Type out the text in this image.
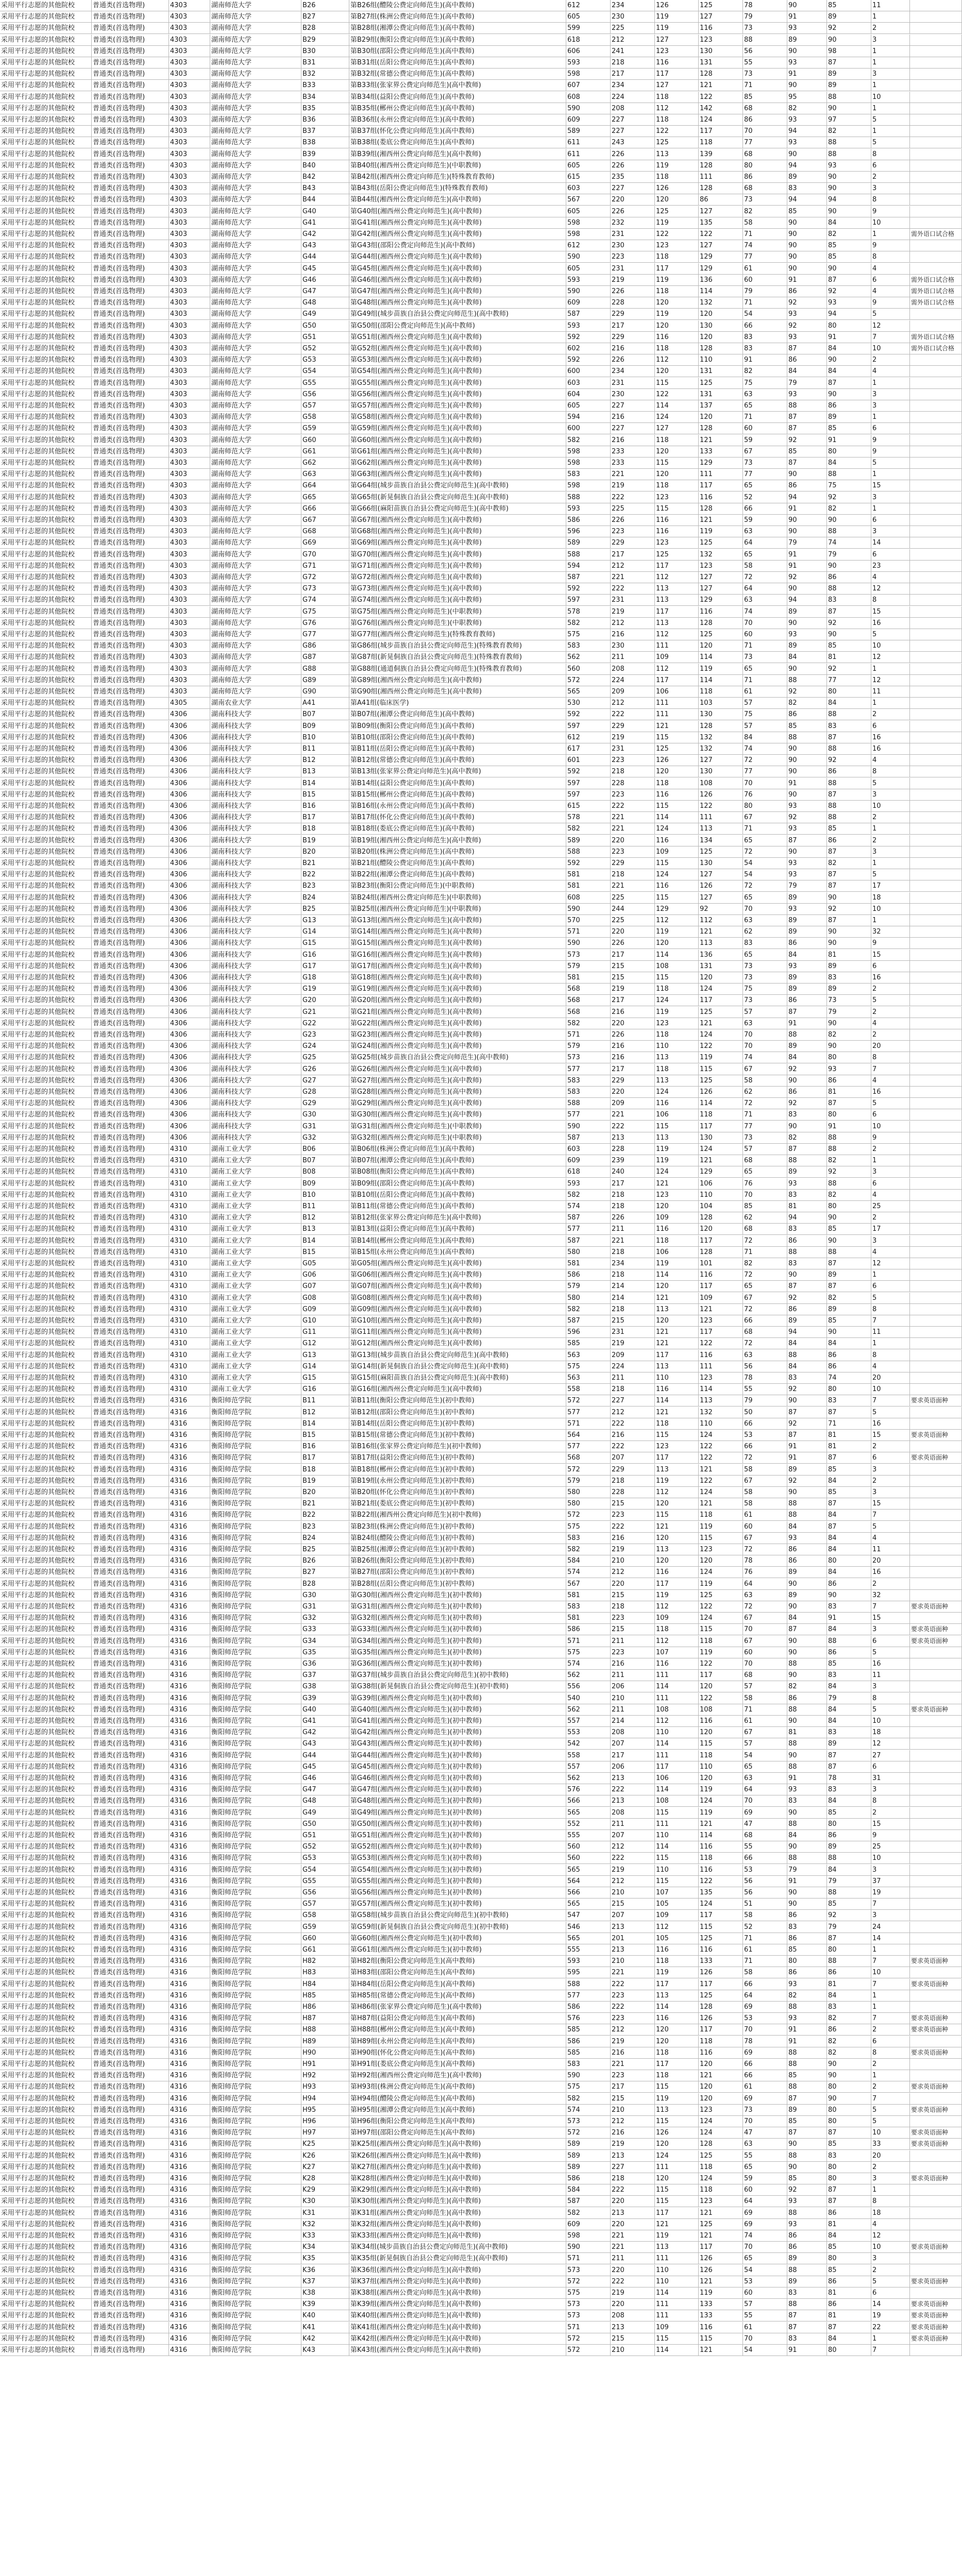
采用平行志愿的其他院校	普通类(首选物理)	4303	湖南师范大学	B26	第B26组(醴陵公费定向师范生)(高中教师)	612	234	126	125	78	90	85	11
采用平行志愿的其他院校	普通类(首选物理)	4303	湖南师范大学	B27	第B27组(株洲公费定向师范生)(高中教师)	605	230	119	127	79	91	89	1
采用平行志愿的其他院校	普通类(首选物理)	4303	湖南师范大学	B28	第B28组(湘潭公费定向师范生)(高中教师)	599	225	119	116	73	93	92	2
采用平行志愿的其他院校	普通类(首选物理)	4303	湖南师范大学	B29	第B29组(衡阳公费定向师范生)(高中教师)	618	212	127	123	88	89	90	3
采用平行志愿的其他院校	普通类(首选物理)	4303	湖南师范大学	B30	第B30组(邵阳公费定向师范生)(高中教师)	606	241	123	130	56	90	98	1
采用平行志愿的其他院校	普通类(首选物理)	4303	湖南师范大学	B31	第B31组(岳阳公费定向师范生)(高中教师)	593	218	116	131	55	93	87	1
采用平行志愿的其他院校	普通类(首选物理)	4303	湖南师范大学	B32	第B32组(常德公费定向师范生)(高中教师)	598	217	117	128	73	91	89	3
采用平行志愿的其他院校	普通类(首选物理)	4303	湖南师范大学	B33	第B33组(张家界公费定向师范生)(高中教师)	607	234	127	121	71	90	89	1
采用平行志愿的其他院校	普通类(首选物理)	4303	湖南师范大学	B34	第B34组(益阳公费定向师范生)(高中教师)	608	224	118	122	85	95	88	10
采用平行志愿的其他院校	普通类(首选物理)	4303	湖南师范大学	B35	第B35组(郴州公费定向师范生)(高中教师)	590	208	112	142	68	82	90	1
采用平行志愿的其他院校	普通类(首选物理)	4303	湖南师范大学	B36	第B36组(永州公费定向师范生)(高中教师)	609	227	118	124	86	93	97	5
采用平行志愿的其他院校	普通类(首选物理)	4303	湖南师范大学	B37	第B37组(怀化公费定向师范生)(高中教师)	589	227	122	117	70	94	82	1
采用平行志愿的其他院校	普通类(首选物理)	4303	湖南师范大学	B38	第B38组(娄底公费定向师范生)(高中教师)	611	243	125	118	77	93	88	5
采用平行志愿的其他院校	普通类(首选物理)	4303	湖南师范大学	B39	第B39组(湘西州公费定向师范生)(高中教师)	611	226	113	139	68	90	88	8
采用平行志愿的其他院校	普通类(首选物理)	4303	湖南师范大学	B40	第B40组(湘西州公费定向师范生)(中职教师)	605	226	119	128	80	94	93	6
采用平行志愿的其他院校	普通类(首选物理)	4303	湖南师范大学	B42	第B42组(湘西州公费定向师范生)(特殊教育教师)	615	235	118	111	86	89	90	2
采用平行志愿的其他院校	普通类(首选物理)	4303	湖南师范大学	B43	第B43组(岳阳公费定向师范生)(特殊教育教师)	603	227	126	128	68	83	90	3
采用平行志愿的其他院校	普通类(首选物理)	4303	湖南师范大学	B44	第B44组(湘西州公费定向师范生)(高中教师)	567	220	120	86	73	94	94	8
采用平行志愿的其他院校	普通类(首选物理)	4303	湖南师范大学	G40	第G40组(湘西州公费定向师范生)(高中教师)	605	226	125	127	82	85	90	9
采用平行志愿的其他院校	普通类(首选物理)	4303	湖南师范大学	G41	第G41组(湘西州公费定向师范生)(高中教师)	598	232	119	135	58	90	84	10
采用平行志愿的其他院校	普通类(首选物理)	4303	湖南师范大学	G42	第G42组(湘西州公费定向师范生)(高中教师)	598	231	122	122	71	90	82	1	需外语口试合格
采用平行志愿的其他院校	普通类(首选物理)	4303	湖南师范大学	G43	第G43组(邵阳公费定向师范生)(高中教师)	612	230	123	127	74	90	85	9
采用平行志愿的其他院校	普通类(首选物理)	4303	湖南师范大学	G44	第G44组(湘西州公费定向师范生)(高中教师)	590	223	118	129	77	90	85	8
采用平行志愿的其他院校	普通类(首选物理)	4303	湖南师范大学	G45	第G45组(湘西州公费定向师范生)(高中教师)	605	231	117	129	61	90	90	4
采用平行志愿的其他院校	普通类(首选物理)	4303	湖南师范大学	G46	第G46组(湘西州公费定向师范生)(高中教师)	593	219	119	136	60	91	87	6	需外语口试合格
采用平行志愿的其他院校	普通类(首选物理)	4303	湖南师范大学	G47	第G47组(湘西州公费定向师范生)(高中教师)	590	226	118	114	79	86	92	4	需外语口试合格
采用平行志愿的其他院校	普通类(首选物理)	4303	湖南师范大学	G48	第G48组(湘西州公费定向师范生)(高中教师)	609	228	120	132	71	92	93	9	需外语口试合格
采用平行志愿的其他院校	普通类(首选物理)	4303	湖南师范大学	G49	第G49组(城步苗族自治县公费定向师范生)(高中教师)	587	229	119	120	54	93	94	5
采用平行志愿的其他院校	普通类(首选物理)	4303	湖南师范大学	G50	第G50组(邵阳公费定向师范生)(高中教师)	593	217	120	130	66	92	80	12
采用平行志愿的其他院校	普通类(首选物理)	4303	湖南师范大学	G51	第G51组(湘西州公费定向师范生)(高中教师)	592	229	116	120	83	93	91	7	需外语口试合格
采用平行志愿的其他院校	普通类(首选物理)	4303	湖南师范大学	G52	第G52组(湘西州公费定向师范生)(高中教师)	602	216	118	128	83	87	84	10	需外语口试合格
采用平行志愿的其他院校	普通类(首选物理)	4303	湖南师范大学	G53	第G53组(湘西州公费定向师范生)(高中教师)	592	226	112	110	91	86	90	2
采用平行志愿的其他院校	普通类(首选物理)	4303	湖南师范大学	G54	第G54组(湘西州公费定向师范生)(高中教师)	600	234	120	131	82	84	84	4
采用平行志愿的其他院校	普通类(首选物理)	4303	湖南师范大学	G55	第G55组(湘西州公费定向师范生)(高中教师)	603	231	115	125	75	79	87	1
采用平行志愿的其他院校	普通类(首选物理)	4303	湖南师范大学	G56	第G56组(湘西州公费定向师范生)(高中教师)	604	230	122	131	63	93	90	3
采用平行志愿的其他院校	普通类(首选物理)	4303	湖南师范大学	G57	第G57组(湘西州公费定向师范生)(高中教师)	605	227	114	137	65	88	86	3
采用平行志愿的其他院校	普通类(首选物理)	4303	湖南师范大学	G58	第G58组(湘西州公费定向师范生)(高中教师)	594	216	124	120	71	87	89	1
采用平行志愿的其他院校	普通类(首选物理)	4303	湖南师范大学	G59	第G59组(湘西州公费定向师范生)(高中教师)	600	227	127	128	60	87	85	6
采用平行志愿的其他院校	普通类(首选物理)	4303	湖南师范大学	G60	第G60组(湘西州公费定向师范生)(高中教师)	582	216	118	121	59	92	91	9
采用平行志愿的其他院校	普通类(首选物理)	4303	湖南师范大学	G61	第G61组(湘西州公费定向师范生)(高中教师)	598	233	120	133	67	85	80	9
采用平行志愿的其他院校	普通类(首选物理)	4303	湖南师范大学	G62	第G62组(湘西州公费定向师范生)(高中教师)	598	233	115	129	73	87	84	5
采用平行志愿的其他院校	普通类(首选物理)	4303	湖南师范大学	G63	第G63组(湘西州公费定向师范生)(高中教师)	583	221	120	111	77	90	88	1
采用平行志愿的其他院校	普通类(首选物理)	4303	湖南师范大学	G64	第G64组(城步苗族自治县公费定向师范生)(高中教师)	598	219	118	117	65	86	75	15
采用平行志愿的其他院校	普通类(首选物理)	4303	湖南师范大学	G65	第G65组(新晃侗族自治县公费定向师范生)(高中教师)	588	222	123	116	52	94	92	3
采用平行志愿的其他院校	普通类(首选物理)	4303	湖南师范大学	G66	第G66组(麻阳苗族自治县公费定向师范生)(高中教师)	593	225	115	128	66	91	82	1
采用平行志愿的其他院校	普通类(首选物理)	4303	湖南师范大学	G67	第G67组(湘西州公费定向师范生)(高中教师)	586	226	116	121	59	90	90	6
采用平行志愿的其他院校	普通类(首选物理)	4303	湖南师范大学	G68	第G68组(湘西州公费定向师范生)(高中教师)	596	223	116	119	63	90	88	3
采用平行志愿的其他院校	普通类(首选物理)	4303	湖南师范大学	G69	第G69组(湘西州公费定向师范生)(高中教师)	589	229	123	125	64	79	74	14
采用平行志愿的其他院校	普通类(首选物理)	4303	湖南师范大学	G70	第G70组(湘西州公费定向师范生)(高中教师)	588	217	125	132	65	91	79	6
采用平行志愿的其他院校	普通类(首选物理)	4303	湖南师范大学	G71	第G71组(湘西州公费定向师范生)(高中教师)	594	212	117	123	58	91	90	23
采用平行志愿的其他院校	普通类(首选物理)	4303	湖南师范大学	G72	第G72组(湘西州公费定向师范生)(高中教师)	587	221	112	127	72	92	86	4
采用平行志愿的其他院校	普通类(首选物理)	4303	湖南师范大学	G73	第G73组(湘西州公费定向师范生)(高中教师)	592	222	113	127	64	90	88	12
采用平行志愿的其他院校	普通类(首选物理)	4303	湖南师范大学	G74	第G74组(湘西州公费定向师范生)(高中教师)	597	231	113	129	63	94	83	8
采用平行志愿的其他院校	普通类(首选物理)	4303	湖南师范大学	G75	第G75组(湘西州公费定向师范生)(中职教师)	578	219	117	116	74	89	87	15
采用平行志愿的其他院校	普通类(首选物理)	4303	湖南师范大学	G76	第G76组(湘西州公费定向师范生)(中职教师)	582	212	113	128	70	90	92	16
采用平行志愿的其他院校	普通类(首选物理)	4303	湖南师范大学	G77	第G77组(湘西州公费定向师范生)(特殊教育教师)	575	216	112	125	60	93	90	5
采用平行志愿的其他院校	普通类(首选物理)	4303	湖南师范大学	G86	第G86组(城步苗族自治县公费定向师范生)(特殊教育教师)	583	230	111	120	71	89	85	10
采用平行志愿的其他院校	普通类(首选物理)	4303	湖南师范大学	G87	第G87组(新晃侗族自治县公费定向师范生)(特殊教育教师)	562	211	109	114	73	84	81	12
采用平行志愿的其他院校	普通类(首选物理)	4303	湖南师范大学	G88	第G88组(通道侗族自治县公费定向师范生)(特殊教育教师)	560	208	112	119	65	90	92	1
采用平行志愿的其他院校	普通类(首选物理)	4303	湖南师范大学	G89	第G89组(湘西州公费定向师范生)(高中教师)	572	224	117	114	71	88	77	12
采用平行志愿的其他院校	普通类(首选物理)	4303	湖南师范大学	G90	第G90组(湘西州公费定向师范生)(高中教师)	565	209	106	118	61	92	80	11
采用平行志愿的其他院校	普通类(首选物理)	4305	湖南农业大学	A41	第A41组(临床医学)	530	212	111	103	57	82	84	1
采用平行志愿的其他院校	普通类(首选物理)	4306	湖南科技大学	B07	第B07组(湘潭公费定向师范生)(高中教师)	592	222	111	130	75	86	88	2
采用平行志愿的其他院校	普通类(首选物理)	4306	湖南科技大学	B09	第B09组(衡阳公费定向师范生)(高中教师)	597	229	121	128	57	85	83	6
采用平行志愿的其他院校	普通类(首选物理)	4306	湖南科技大学	B10	第B10组(邵阳公费定向师范生)(高中教师)	612	219	115	132	84	88	87	16
采用平行志愿的其他院校	普通类(首选物理)	4306	湖南科技大学	B11	第B11组(岳阳公费定向师范生)(高中教师)	617	231	125	132	74	90	88	16
采用平行志愿的其他院校	普通类(首选物理)	4306	湖南科技大学	B12	第B12组(常德公费定向师范生)(高中教师)	601	223	126	127	72	90	92	4
采用平行志愿的其他院校	普通类(首选物理)	4306	湖南科技大学	B13	第B13组(张家界公费定向师范生)(高中教师)	592	218	120	130	77	90	86	8
采用平行志愿的其他院校	普通类(首选物理)	4306	湖南科技大学	B14	第B14组(益阳公费定向师范生)(高中教师)	597	228	118	108	70	91	88	5
采用平行志愿的其他院校	普通类(首选物理)	4306	湖南科技大学	B15	第B15组(郴州公费定向师范生)(高中教师)	597	223	116	126	76	90	87	3
采用平行志愿的其他院校	普通类(首选物理)	4306	湖南科技大学	B16	第B16组(永州公费定向师范生)(高中教师)	615	222	115	122	80	93	88	10
采用平行志愿的其他院校	普通类(首选物理)	4306	湖南科技大学	B17	第B17组(怀化公费定向师范生)(高中教师)	578	221	114	111	67	92	88	2
采用平行志愿的其他院校	普通类(首选物理)	4306	湖南科技大学	B18	第B18组(娄底公费定向师范生)(高中教师)	582	221	124	113	71	93	85	1
采用平行志愿的其他院校	普通类(首选物理)	4306	湖南科技大学	B19	第B19组(湘西州公费定向师范生)(高中教师)	589	220	116	134	65	87	86	2
采用平行志愿的其他院校	普通类(首选物理)	4306	湖南科技大学	B20	第B20组(株洲公费定向师范生)(高中教师)	588	223	109	125	72	90	87	3
采用平行志愿的其他院校	普通类(首选物理)	4306	湖南科技大学	B21	第B21组(醴陵公费定向师范生)(高中教师)	592	229	115	130	54	93	82	1
采用平行志愿的其他院校	普通类(首选物理)	4306	湖南科技大学	B22	第B22组(湘潭公费定向师范生)(高中教师)	581	218	124	127	54	93	87	5
采用平行志愿的其他院校	普通类(首选物理)	4306	湖南科技大学	B23	第B23组(衡阳公费定向师范生)(中职教师)	581	221	116	126	72	79	87	17
采用平行志愿的其他院校	普通类(首选物理)	4306	湖南科技大学	B24	第B24组(湘西州公费定向师范生)(中职教师)	608	225	115	127	65	89	90	18
采用平行志愿的其他院校	普通类(首选物理)	4306	湖南科技大学	B25	第B25组(湘西州公费定向师范生)(中职教师)	590	244	129	92	70	93	92	10
采用平行志愿的其他院校	普通类(首选物理)	4306	湖南科技大学	G13	第G13组(湘西州公费定向师范生)(高中教师)	570	225	112	112	63	89	87	1
采用平行志愿的其他院校	普通类(首选物理)	4306	湖南科技大学	G14	第G14组(湘西州公费定向师范生)(高中教师)	571	220	119	121	62	89	90	32
采用平行志愿的其他院校	普通类(首选物理)	4306	湖南科技大学	G15	第G15组(湘西州公费定向师范生)(高中教师)	590	226	120	113	83	86	90	9
采用平行志愿的其他院校	普通类(首选物理)	4306	湖南科技大学	G16	第G16组(湘西州公费定向师范生)(高中教师)	573	217	114	136	65	84	81	15
采用平行志愿的其他院校	普通类(首选物理)	4306	湖南科技大学	G17	第G17组(湘西州公费定向师范生)(高中教师)	579	215	108	131	73	93	89	6
采用平行志愿的其他院校	普通类(首选物理)	4306	湖南科技大学	G18	第G18组(湘西州公费定向师范生)(高中教师)	581	215	115	120	73	89	83	16
采用平行志愿的其他院校	普通类(首选物理)	4306	湖南科技大学	G19	第G19组(湘西州公费定向师范生)(高中教师)	568	219	118	124	75	89	89	2
采用平行志愿的其他院校	普通类(首选物理)	4306	湖南科技大学	G20	第G20组(湘西州公费定向师范生)(高中教师)	568	217	124	117	73	86	73	5
采用平行志愿的其他院校	普通类(首选物理)	4306	湖南科技大学	G21	第G21组(湘西州公费定向师范生)(高中教师)	568	216	119	125	57	87	79	2
采用平行志愿的其他院校	普通类(首选物理)	4306	湖南科技大学	G22	第G22组(湘西州公费定向师范生)(高中教师)	582	220	123	121	63	91	90	4
采用平行志愿的其他院校	普通类(首选物理)	4306	湖南科技大学	G23	第G23组(湘西州公费定向师范生)(高中教师)	571	226	118	124	70	88	82	2
采用平行志愿的其他院校	普通类(首选物理)	4306	湖南科技大学	G24	第G24组(湘西州公费定向师范生)(高中教师)	579	216	110	122	70	89	90	20
采用平行志愿的其他院校	普通类(首选物理)	4306	湖南科技大学	G25	第G25组(城步苗族自治县公费定向师范生)(高中教师)	573	216	113	119	74	84	80	8
采用平行志愿的其他院校	普通类(首选物理)	4306	湖南科技大学	G26	第G26组(湘西州公费定向师范生)(高中教师)	577	217	118	115	67	92	93	7
采用平行志愿的其他院校	普通类(首选物理)	4306	湖南科技大学	G27	第G27组(湘西州公费定向师范生)(高中教师)	583	229	113	125	58	90	86	4
采用平行志愿的其他院校	普通类(首选物理)	4306	湖南科技大学	G28	第G28组(湘西州公费定向师范生)(高中教师)	583	220	124	126	62	86	81	16
采用平行志愿的其他院校	普通类(首选物理)	4306	湖南科技大学	G29	第G29组(湘西州公费定向师范生)(高中教师)	588	209	116	114	72	92	87	5
采用平行志愿的其他院校	普通类(首选物理)	4306	湖南科技大学	G30	第G30组(湘西州公费定向师范生)(高中教师)	577	221	106	118	71	83	80	6
采用平行志愿的其他院校	普通类(首选物理)	4306	湖南科技大学	G31	第G31组(湘西州公费定向师范生)(中职教师)	590	222	115	117	77	90	91	10
采用平行志愿的其他院校	普通类(首选物理)	4306	湖南科技大学	G32	第G32组(湘西州公费定向师范生)(中职教师)	587	213	113	130	73	82	88	9
采用平行志愿的其他院校	普通类(首选物理)	4310	湖南工业大学	B06	第B06组(株洲公费定向师范生)(高中教师)	603	228	119	124	57	87	88	2
采用平行志愿的其他院校	普通类(首选物理)	4310	湖南工业大学	B07	第B07组(湘潭公费定向师范生)(高中教师)	609	239	119	121	68	88	82	1
采用平行志愿的其他院校	普通类(首选物理)	4310	湖南工业大学	B08	第B08组(衡阳公费定向师范生)(高中教师)	618	240	124	129	65	89	92	3
采用平行志愿的其他院校	普通类(首选物理)	4310	湖南工业大学	B09	第B09组(邵阳公费定向师范生)(高中教师)	593	217	121	106	76	93	88	6
采用平行志愿的其他院校	普通类(首选物理)	4310	湖南工业大学	B10	第B10组(岳阳公费定向师范生)(高中教师)	582	218	123	110	70	83	82	4
采用平行志愿的其他院校	普通类(首选物理)	4310	湖南工业大学	B11	第B11组(常德公费定向师范生)(高中教师)	574	218	120	104	85	81	80	25
采用平行志愿的其他院校	普通类(首选物理)	4310	湖南工业大学	B12	第B12组(张家界公费定向师范生)(高中教师)	587	226	109	128	62	94	90	2
采用平行志愿的其他院校	普通类(首选物理)	4310	湖南工业大学	B13	第B13组(益阳公费定向师范生)(高中教师)	577	211	116	120	68	83	85	17
采用平行志愿的其他院校	普通类(首选物理)	4310	湖南工业大学	B14	第B14组(郴州公费定向师范生)(高中教师)	587	221	118	117	72	86	90	3
采用平行志愿的其他院校	普通类(首选物理)	4310	湖南工业大学	B15	第B15组(永州公费定向师范生)(高中教师)	580	218	106	128	71	88	88	4
采用平行志愿的其他院校	普通类(首选物理)	4310	湖南工业大学	G05	第G05组(湘西州公费定向师范生)(高中教师)	581	234	119	101	82	83	87	12
采用平行志愿的其他院校	普通类(首选物理)	4310	湖南工业大学	G06	第G06组(湘西州公费定向师范生)(高中教师)	586	218	114	116	72	90	89	1
采用平行志愿的其他院校	普通类(首选物理)	4310	湖南工业大学	G07	第G07组(湘西州公费定向师范生)(高中教师)	579	214	120	117	65	87	87	6
采用平行志愿的其他院校	普通类(首选物理)	4310	湖南工业大学	G08	第G08组(湘西州公费定向师范生)(高中教师)	580	214	121	109	67	92	82	5
采用平行志愿的其他院校	普通类(首选物理)	4310	湖南工业大学	G09	第G09组(湘西州公费定向师范生)(高中教师)	582	218	113	121	72	86	89	8
采用平行志愿的其他院校	普通类(首选物理)	4310	湖南工业大学	G10	第G10组(湘西州公费定向师范生)(高中教师)	587	215	120	123	66	89	85	7
采用平行志愿的其他院校	普通类(首选物理)	4310	湖南工业大学	G11	第G11组(湘西州公费定向师范生)(高中教师)	596	231	121	117	68	94	90	11
采用平行志愿的其他院校	普通类(首选物理)	4310	湖南工业大学	G12	第G12组(湘西州公费定向师范生)(高中教师)	585	219	121	122	72	84	84	1
采用平行志愿的其他院校	普通类(首选物理)	4310	湖南工业大学	G13	第G13组(城步苗族自治县公费定向师范生)(高中教师)	563	209	117	116	63	88	86	8
采用平行志愿的其他院校	普通类(首选物理)	4310	湖南工业大学	G14	第G14组(新晃侗族自治县公费定向师范生)(高中教师)	575	224	113	111	56	84	86	4
采用平行志愿的其他院校	普通类(首选物理)	4310	湖南工业大学	G15	第G15组(麻阳苗族自治县公费定向师范生)(高中教师)	563	211	110	123	78	83	74	20
采用平行志愿的其他院校	普通类(首选物理)	4310	湖南工业大学	G16	第G16组(湘西州公费定向师范生)(高中教师)	558	218	116	114	55	92	80	10
采用平行志愿的其他院校	普通类(首选物理)	4316	衡阳师范学院	B11	第B11组(衡阳公费定向师范生)(初中教师)	572	227	114	113	79	90	83	7	要求英语面种
采用平行志愿的其他院校	普通类(首选物理)	4316	衡阳师范学院	B12	第B12组(邵阳公费定向师范生)(初中教师)	577	212	121	132	50	87	87	5
采用平行志愿的其他院校	普通类(首选物理)	4316	衡阳师范学院	B14	第B14组(岳阳公费定向师范生)(初中教师)	571	222	118	110	66	92	71	16
采用平行志愿的其他院校	普通类(首选物理)	4316	衡阳师范学院	B15	第B15组(常德公费定向师范生)(初中教师)	564	216	115	124	53	87	81	15	要求英语面种
采用平行志愿的其他院校	普通类(首选物理)	4316	衡阳师范学院	B16	第B16组(张家界公费定向师范生)(初中教师)	577	222	123	122	66	91	81	2
采用平行志愿的其他院校	普通类(首选物理)	4316	衡阳师范学院	B17	第B17组(益阳公费定向师范生)(初中教师)	568	207	117	122	72	91	87	6	要求英语面种
采用平行志愿的其他院校	普通类(首选物理)	4316	衡阳师范学院	B18	第B18组(郴州公费定向师范生)(初中教师)	572	229	113	121	58	89	85	3
采用平行志愿的其他院校	普通类(首选物理)	4316	衡阳师范学院	B19	第B19组(永州公费定向师范生)(初中教师)	579	218	119	122	67	92	84	2
采用平行志愿的其他院校	普通类(首选物理)	4316	衡阳师范学院	B20	第B20组(怀化公费定向师范生)(初中教师)	580	228	112	124	58	90	85	3
采用平行志愿的其他院校	普通类(首选物理)	4316	衡阳师范学院	B21	第B21组(娄底公费定向师范生)(初中教师)	580	215	120	121	58	88	87	15
采用平行志愿的其他院校	普通类(首选物理)	4316	衡阳师范学院	B22	第B22组(湘西州公费定向师范生)(初中教师)	572	223	115	118	61	88	84	7
采用平行志愿的其他院校	普通类(首选物理)	4316	衡阳师范学院	B23	第B23组(株洲公费定向师范生)(初中教师)	575	222	121	119	60	84	87	5
采用平行志愿的其他院校	普通类(首选物理)	4316	衡阳师范学院	B24	第B24组(醴陵公费定向师范生)(初中教师)	583	216	120	115	67	93	84	4
采用平行志愿的其他院校	普通类(首选物理)	4316	衡阳师范学院	B25	第B25组(湘潭公费定向师范生)(初中教师)	582	219	113	123	72	86	84	11
采用平行志愿的其他院校	普通类(首选物理)	4316	衡阳师范学院	B26	第B26组(衡阳公费定向师范生)(初中教师)	584	210	120	120	78	86	80	20
采用平行志愿的其他院校	普通类(首选物理)	4316	衡阳师范学院	B27	第B27组(邵阳公费定向师范生)(初中教师)	574	212	116	124	76	89	84	16
采用平行志愿的其他院校	普通类(首选物理)	4316	衡阳师范学院	B28	第B28组(岳阳公费定向师范生)(初中教师)	567	220	117	119	64	90	86	2
采用平行志愿的其他院校	普通类(首选物理)	4316	衡阳师范学院	G30	第G30组(湘西州公费定向师范生)(初中教师)	581	215	119	125	63	89	90	32
采用平行志愿的其他院校	普通类(首选物理)	4316	衡阳师范学院	G31	第G31组(湘西州公费定向师范生)(初中教师)	583	218	112	122	72	90	83	7	要求英语面种
采用平行志愿的其他院校	普通类(首选物理)	4316	衡阳师范学院	G32	第G32组(湘西州公费定向师范生)(初中教师)	581	223	109	124	67	84	91	15
采用平行志愿的其他院校	普通类(首选物理)	4316	衡阳师范学院	G33	第G33组(湘西州公费定向师范生)(初中教师)	586	215	118	115	70	87	84	3	要求英语面种
采用平行志愿的其他院校	普通类(首选物理)	4316	衡阳师范学院	G34	第G34组(湘西州公费定向师范生)(初中教师)	571	211	112	118	67	90	88	6	要求英语面种
采用平行志愿的其他院校	普通类(首选物理)	4316	衡阳师范学院	G35	第G35组(湘西州公费定向师范生)(初中教师)	575	223	107	119	60	90	86	5
采用平行志愿的其他院校	普通类(首选物理)	4316	衡阳师范学院	G36	第G36组(湘西州公费定向师范生)(初中教师)	574	216	116	122	70	88	85	16
采用平行志愿的其他院校	普通类(首选物理)	4316	衡阳师范学院	G37	第G37组(城步苗族自治县公费定向师范生)(初中教师)	562	211	111	117	68	90	83	11
采用平行志愿的其他院校	普通类(首选物理)	4316	衡阳师范学院	G38	第G38组(新晃侗族自治县公费定向师范生)(初中教师)	556	206	114	120	57	82	84	3
采用平行志愿的其他院校	普通类(首选物理)	4316	衡阳师范学院	G39	第G39组(湘西州公费定向师范生)(初中教师)	540	210	111	122	58	86	79	8
采用平行志愿的其他院校	普通类(首选物理)	4316	衡阳师范学院	G40	第G40组(湘西州公费定向师范生)(初中教师)	562	211	108	108	71	88	84	5	要求英语面种
采用平行志愿的其他院校	普通类(首选物理)	4316	衡阳师范学院	G41	第G41组(湘西州公费定向师范生)(初中教师)	557	214	112	116	61	90	84	10
采用平行志愿的其他院校	普通类(首选物理)	4316	衡阳师范学院	G42	第G42组(湘西州公费定向师范生)(初中教师)	553	208	110	120	67	81	83	18
采用平行志愿的其他院校	普通类(首选物理)	4316	衡阳师范学院	G43	第G43组(湘西州公费定向师范生)(初中教师)	542	207	114	115	57	88	89	12
采用平行志愿的其他院校	普通类(首选物理)	4316	衡阳师范学院	G44	第G44组(湘西州公费定向师范生)(初中教师)	558	217	111	118	54	90	87	27
采用平行志愿的其他院校	普通类(首选物理)	4316	衡阳师范学院	G45	第G45组(湘西州公费定向师范生)(初中教师)	557	206	117	110	65	88	87	6
采用平行志愿的其他院校	普通类(首选物理)	4316	衡阳师范学院	G46	第G46组(湘西州公费定向师范生)(初中教师)	562	213	106	120	63	91	78	31
采用平行志愿的其他院校	普通类(首选物理)	4316	衡阳师范学院	G47	第G47组(湘西州公费定向师范生)(初中教师)	576	222	114	119	64	93	83	3
采用平行志愿的其他院校	普通类(首选物理)	4316	衡阳师范学院	G48	第G48组(湘西州公费定向师范生)(初中教师)	566	213	108	124	70	83	84	8
采用平行志愿的其他院校	普通类(首选物理)	4316	衡阳师范学院	G49	第G49组(湘西州公费定向师范生)(初中教师)	565	208	115	119	69	90	85	2
采用平行志愿的其他院校	普通类(首选物理)	4316	衡阳师范学院	G50	第G50组(湘西州公费定向师范生)(初中教师)	552	211	111	121	47	88	80	15
采用平行志愿的其他院校	普通类(首选物理)	4316	衡阳师范学院	G51	第G51组(湘西州公费定向师范生)(初中教师)	555	207	110	114	68	84	86	9
采用平行志愿的其他院校	普通类(首选物理)	4316	衡阳师范学院	G52	第G52组(湘西州公费定向师范生)(初中教师)	560	212	114	116	55	90	89	25
采用平行志愿的其他院校	普通类(首选物理)	4316	衡阳师范学院	G53	第G53组(湘西州公费定向师范生)(初中教师)	560	222	115	118	66	88	88	10
采用平行志愿的其他院校	普通类(首选物理)	4316	衡阳师范学院	G54	第G54组(湘西州公费定向师范生)(初中教师)	565	219	110	116	53	79	84	3
采用平行志愿的其他院校	普通类(首选物理)	4316	衡阳师范学院	G55	第G55组(湘西州公费定向师范生)(初中教师)	564	212	115	122	56	91	79	37
采用平行志愿的其他院校	普通类(首选物理)	4316	衡阳师范学院	G56	第G56组(湘西州公费定向师范生)(初中教师)	566	210	107	135	56	90	88	19
采用平行志愿的其他院校	普通类(首选物理)	4316	衡阳师范学院	G57	第G57组(湘西州公费定向师范生)(初中教师)	565	215	105	124	51	90	85	7
采用平行志愿的其他院校	普通类(首选物理)	4316	衡阳师范学院	G58	第G58组(城步苗族自治县公费定向师范生)(初中教师)	547	207	109	117	58	86	92	3
采用平行志愿的其他院校	普通类(首选物理)	4316	衡阳师范学院	G59	第G59组(新晃侗族自治县公费定向师范生)(初中教师)	546	213	112	115	52	83	79	24
采用平行志愿的其他院校	普通类(首选物理)	4316	衡阳师范学院	G60	第G60组(湘西州公费定向师范生)(初中教师)	565	201	105	125	71	86	87	14
采用平行志愿的其他院校	普通类(首选物理)	4316	衡阳师范学院	G61	第G61组(湘西州公费定向师范生)(初中教师)	555	213	116	116	61	85	80	1
采用平行志愿的其他院校	普通类(首选物理)	4316	衡阳师范学院	H82	第H82组(衡阳公费定向师范生)(高中教师)	593	210	118	133	71	80	88	7	要求英语面种
采用平行志愿的其他院校	普通类(首选物理)	4316	衡阳师范学院	H83	第H83组(邵阳公费定向师范生)(高中教师)	595	221	119	126	58	86	86	10
采用平行志愿的其他院校	普通类(首选物理)	4316	衡阳师范学院	H84	第H84组(岳阳公费定向师范生)(高中教师)	588	222	117	117	66	93	81	7	要求英语面种
采用平行志愿的其他院校	普通类(首选物理)	4316	衡阳师范学院	H85	第H85组(常德公费定向师范生)(高中教师)	577	223	113	125	64	82	84	1
采用平行志愿的其他院校	普通类(首选物理)	4316	衡阳师范学院	H86	第H86组(张家界公费定向师范生)(高中教师)	586	222	114	128	69	88	83	1
采用平行志愿的其他院校	普通类(首选物理)	4316	衡阳师范学院	H87	第H87组(益阳公费定向师范生)(高中教师)	576	223	116	126	53	93	82	7	要求英语面种
采用平行志愿的其他院校	普通类(首选物理)	4316	衡阳师范学院	H88	第H88组(郴州公费定向师范生)(高中教师)	585	212	120	117	70	91	86	2	要求英语面种
采用平行志愿的其他院校	普通类(首选物理)	4316	衡阳师范学院	H89	第H89组(永州公费定向师范生)(高中教师)	586	219	120	118	78	91	82	6
采用平行志愿的其他院校	普通类(首选物理)	4316	衡阳师范学院	H90	第H90组(怀化公费定向师范生)(高中教师)	585	216	118	116	69	88	82	8	要求英语面种
采用平行志愿的其他院校	普通类(首选物理)	4316	衡阳师范学院	H91	第H91组(娄底公费定向师范生)(高中教师)	583	221	117	120	66	88	90	2
采用平行志愿的其他院校	普通类(首选物理)	4316	衡阳师范学院	H92	第H92组(湘西州公费定向师范生)(高中教师)	590	223	118	121	66	85	90	1
采用平行志愿的其他院校	普通类(首选物理)	4316	衡阳师范学院	H93	第H93组(株洲公费定向师范生)(高中教师)	575	217	115	120	61	88	80	2	要求英语面种
采用平行志愿的其他院校	普通类(首选物理)	4316	衡阳师范学院	H94	第H94组(醴陵公费定向师范生)(高中教师)	582	215	119	120	69	87	90	7
采用平行志愿的其他院校	普通类(首选物理)	4316	衡阳师范学院	H95	第H95组(湘潭公费定向师范生)(高中教师)	574	210	113	123	73	89	80	5	要求英语面种
采用平行志愿的其他院校	普通类(首选物理)	4316	衡阳师范学院	H96	第H96组(衡阳公费定向师范生)(高中教师)	573	212	115	124	70	85	80	5
采用平行志愿的其他院校	普通类(首选物理)	4316	衡阳师范学院	H97	第H97组(邵阳公费定向师范生)(高中教师)	572	216	126	124	47	87	87	10	要求英语面种
采用平行志愿的其他院校	普通类(首选物理)	4316	衡阳师范学院	K25	第K25组(湘西州公费定向师范生)(高中教师)	589	219	120	128	63	90	85	33	要求英语面种
采用平行志愿的其他院校	普通类(首选物理)	4316	衡阳师范学院	K26	第K26组(湘西州公费定向师范生)(高中教师)	589	213	124	125	55	88	83	20
采用平行志愿的其他院校	普通类(首选物理)	4316	衡阳师范学院	K27	第K27组(湘西州公费定向师范生)(高中教师)	589	227	111	118	65	90	80	2
采用平行志愿的其他院校	普通类(首选物理)	4316	衡阳师范学院	K28	第K28组(湘西州公费定向师范生)(高中教师)	586	218	120	124	59	85	80	3	要求英语面种
采用平行志愿的其他院校	普通类(首选物理)	4316	衡阳师范学院	K29	第K29组(湘西州公费定向师范生)(高中教师)	584	222	115	118	60	92	87	1
采用平行志愿的其他院校	普通类(首选物理)	4316	衡阳师范学院	K30	第K30组(湘西州公费定向师范生)(高中教师)	587	220	115	123	64	93	87	8
采用平行志愿的其他院校	普通类(首选物理)	4316	衡阳师范学院	K31	第K31组(湘西州公费定向师范生)(高中教师)	582	213	117	121	69	88	86	18
采用平行志愿的其他院校	普通类(首选物理)	4316	衡阳师范学院	K32	第K32组(湘西州公费定向师范生)(高中教师)	609	220	121	125	69	93	81	4
采用平行志愿的其他院校	普通类(首选物理)	4316	衡阳师范学院	K33	第K33组(湘西州公费定向师范生)(高中教师)	598	221	119	121	74	86	84	12
采用平行志愿的其他院校	普通类(首选物理)	4316	衡阳师范学院	K34	第K34组(城步苗族自治县公费定向师范生)(高中教师)	590	221	113	117	70	86	85	10	要求英语面种
采用平行志愿的其他院校	普通类(首选物理)	4316	衡阳师范学院	K35	第K35组(新晃侗族自治县公费定向师范生)(高中教师)	571	211	111	126	65	89	80	3
采用平行志愿的其他院校	普通类(首选物理)	4316	衡阳师范学院	K36	第K36组(湘西州公费定向师范生)(高中教师)	573	220	110	126	54	88	85	2
采用平行志愿的其他院校	普通类(首选物理)	4316	衡阳师范学院	K37	第K37组(湘西州公费定向师范生)(高中教师)	572	222	110	121	53	89	86	5	要求英语面种
采用平行志愿的其他院校	普通类(首选物理)	4316	衡阳师范学院	K38	第K38组(湘西州公费定向师范生)(高中教师)	575	219	114	119	60	83	81	6
采用平行志愿的其他院校	普通类(首选物理)	4316	衡阳师范学院	K39	第K39组(湘西州公费定向师范生)(高中教师)	573	220	111	133	57	88	86	14	要求英语面种
采用平行志愿的其他院校	普通类(首选物理)	4316	衡阳师范学院	K40	第K40组(湘西州公费定向师范生)(高中教师)	573	208	111	133	55	87	81	19	要求英语面种
采用平行志愿的其他院校	普通类(首选物理)	4316	衡阳师范学院	K41	第K41组(湘西州公费定向师范生)(高中教师)	571	213	109	116	61	87	87	22	要求英语面种
采用平行志愿的其他院校	普通类(首选物理)	4316	衡阳师范学院	K42	第K42组(湘西州公费定向师范生)(高中教师)	572	215	115	115	70	83	84	1	要求英语面种
采用平行志愿的其他院校	普通类(首选物理)	4316	衡阳师范学院	K43	第K43组(湘西州公费定向师范生)(高中教师)	572	210	114	121	54	91	80	7
